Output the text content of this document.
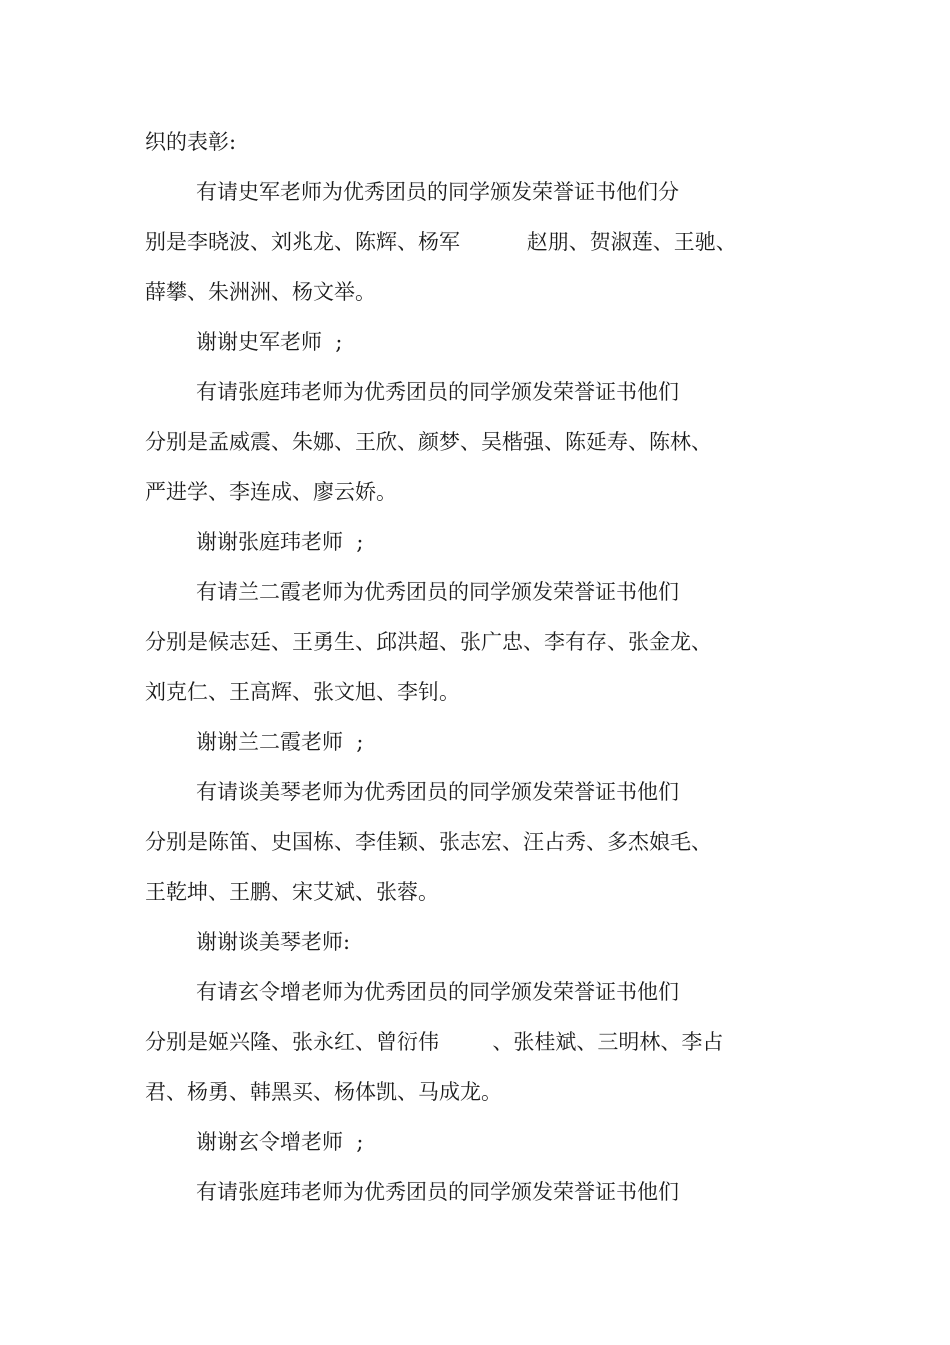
织的表彰:
有请史军老师为优秀团员的同学颁发荣誉证书他们分
别是李晓波、刘兆龙、陈辉、杨军          赵朋、贺淑莲、王驰、
薛攀、朱洲洲、杨文举。
谢谢史军老师  ;
有请张庭玮老师为优秀团员的同学颁发荣誉证书他们
分别是孟威震、朱娜、王欣、颜梦、吴楷强、陈延寿、陈林、
严进学、李连成、廖云娇。
谢谢张庭玮老师  ;
有请兰二霞老师为优秀团员的同学颁发荣誉证书他们
分别是候志廷、王勇生、邱洪超、张广忠、李有存、张金龙、
刘克仁、王高辉、张文旭、李钊。
谢谢兰二霞老师  ;
有请谈美琴老师为优秀团员的同学颁发荣誉证书他们
分别是陈笛、史国栋、李佳颖、张志宏、汪占秀、多杰娘毛、
王乾坤、王鹏、宋艾斌、张蓉。
谢谢谈美琴老师:
有请玄令增老师为优秀团员的同学颁发荣誉证书他们
分别是姬兴隆、张永红、曾衍伟        、张桂斌、三明林、李占
君、杨勇、韩黑买、杨体凯、马成龙。
谢谢玄令增老师  ;
有请张庭玮老师为优秀团员的同学颁发荣誉证书他们
